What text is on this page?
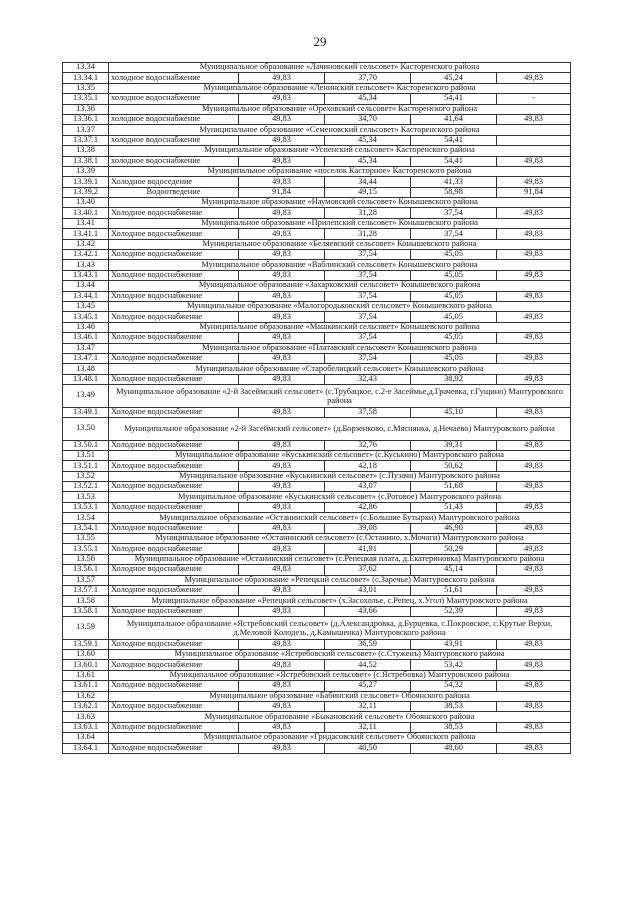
29
13.34	Муниципальное образование «Лачиновский сельсовет» Касторенского района				
13.34.1	холодное водоснабжение	49,83	37,70	45,24	49,83
13.35	Муниципальное образование «Ленинский сельсовет» Касторенского района				
13.35.1	холодное водоснабжение	49,83	45,34	54,41	-
13.36	Муниципальное образование «Ореховский сельсовет» Касторенского района				
13.36.1	холодное водоснабжение	49,83	34,70	41,64	49,83
13.37	Муниципальное образование «Семеновский сельсовет» Касторенского района				
13.37.1	холодное водоснабжение	49,83	45,34	54,41	
13.38	Муниципальное образование «Успенский сельсовет» Касторенского района				
13.38.1	холодное водоснабжение	49,83	45,34	54,41	49,83
13.39	Муниципальное образование «поселок Касторное» Касторенского района				
13.39.1	Холодное водоседение	49,83	34,44	41,33	49,83
13.39.2	Водоотведение	91,84	49,15	58,98	91,84
13.40	Муниципальное образование «Наумовский сельсовет» Конышевского района				
13.40.1	Холодное водоснабжение	49,83	31,28	37,54	49,83
13.41	Муниципальное образование «Прилепский сельсовет» Конышевского района				
13.41.1	Холодное водоснабжение	49,83	31,28	37,54	49,83
13.42	Муниципальное образование «Беляевский сельсовет» Конышевского района				
13.42.1	Холодное водоснабжение	49,83	37,54	45,05	49,83
13.43	Муниципальное образование «Ваблинский сельсовет» Конышевского района				
13.43.1	Холодное водоснабжение	49,83	37,54	45,05	49,83
13.44	Муниципальное образование «Захарковский сельсовет» Конышевского района				
13.44.1	Холодное водоснабжение	49,83	37,54	45,05	49,83
13.45	Муниципальное образование «Малогородьковский сельсовет» Конышевского района				
13.45.1	Холодное водоснабжение	49,83	37,54	45,05	49,83
13.46	Муниципальное образование «Машкинский сельсовет» Конышевского района				
13.46.1	Холодное водоснабжение	49,83	37,54	45,05	49,83
13.47	Муниципальное образование «Платавский сельсовет» Конышевского района				
13.47.1	Холодное водоснабжение	49,83	37,54	45,05	49,83
13.48	Муниципальное образование «Старобелицкий сельсовет» Конышевского района				
13.48.1	Холодное водоснабжение	49,83	32,43	38,92	49,83
13.49	Муниципальное образование «2-й Засеймский сельсовет» (с.Трубацкое, с.2-е Засеймье,д.Грачевка, г.Гущино) Мантуровского района				
13.49.1	Холодное водоснабжение	49,83	37,58	45,10	49,83
13.50	Муниципальное образование «2-й Засеймский сельсовет» (д.Борзенково, с.Мяснянка, д.Нечаево) Мантуровского района				
13.50.1	Холодное водоснабжение	49,83	32,76	39,31	49,83
13.51	Муниципальное образование «Куськинский сельсовет» (с.Куськино) Мантуровского района				
13.51.1	Холодное водоснабжение	49,83	42,18	50,62	49,83
13.52	Муниципальное образование «Куськинский сельсовет» (с.Пузачи) Мантуровского района				
13.52.1	Холодное водоснабжение	49,83	43,07	51,68	49,83
13.53	Муниципальное образование «Куськинский сельсовет» (с.Роговое) Мантуровского района				
13.53.1	Холодное водоснабжение	49,83	42,86	51,43	49,83
13.54	Муниципальное образование «Останинский сельсовет» (с.Большие Бутырки) Мантуровского района				
13.54.1	Холодное водоснабжение	49,83	39,08	46,90	49,83
13.55	Муниципальное образование «Останинский сельсовет» (с.Останино, х.Мочаги) Мантуровского района				
13.55.1	Холодное водоснабжение	49,83	41,91	50,29	49,83
13.56	Муниципальное образование «Останинский сельсовет» (с.Репецкая плата, д.Екатериновка) Мантуровского района				
13.56.1	Холодное водоснабжение	49,83	37,62	45,14	49,83
13.57	Муниципальное образование «Репецкий сельсовет» (с.Заречье) Мантуровского района				
13.57.1	Холодное водоснабжение	49,83	43,01	51,61	49,83
13.58	Муниципальное образование «Репецкий сельсовет» (х.Засохолье, с.Репец, х.Угол) Мантуровского района				
13.58.1	Холодное водоснабжение	49,83	43,66	52,39	49,83
13.59	Муниципальное образование «Ястребовский сельсовет» (д.Александровка, д.Бурцевка, с.Покровское, с.Крутые Верхи, д.Меловой Колодезь, д.Камышенка) Мантуровского района				
13.59.1	Холодное водоснабжение	49,83	36,59	43,91	49,83
13.60	Муниципальное образование «Ястребовский сельсовет» (с.Стуженъ) Мантуровского района				
13.60.1	Холодное водоснабжение	49,83	44,52	53,42	49,83
13.61	Муниципальное образование «Ястребовский сельсовет» (с.Ястребовка) Мантуровского района				
13.61.1	Холодное водоснабжение	49,83	45,27	54,32	49,83
13.62	Муниципальное образование «Бабинский сельсовет» Обоянского района				
13.62.1	Холодное водоснабжение	49,83	32,11	38,53	49,83
13.63	Муниципальное образование «Быкановский сельсовет» Обоянского района				
13.63.1	Холодное водоснабжение	49,83	32,11	38,53	49,83
13.64	Муниципальное образование «Гридасовский сельсовет» Обоянского района				
13.64.1	Холодное водоснабжение	49,83	40,50	48,60	49,83
